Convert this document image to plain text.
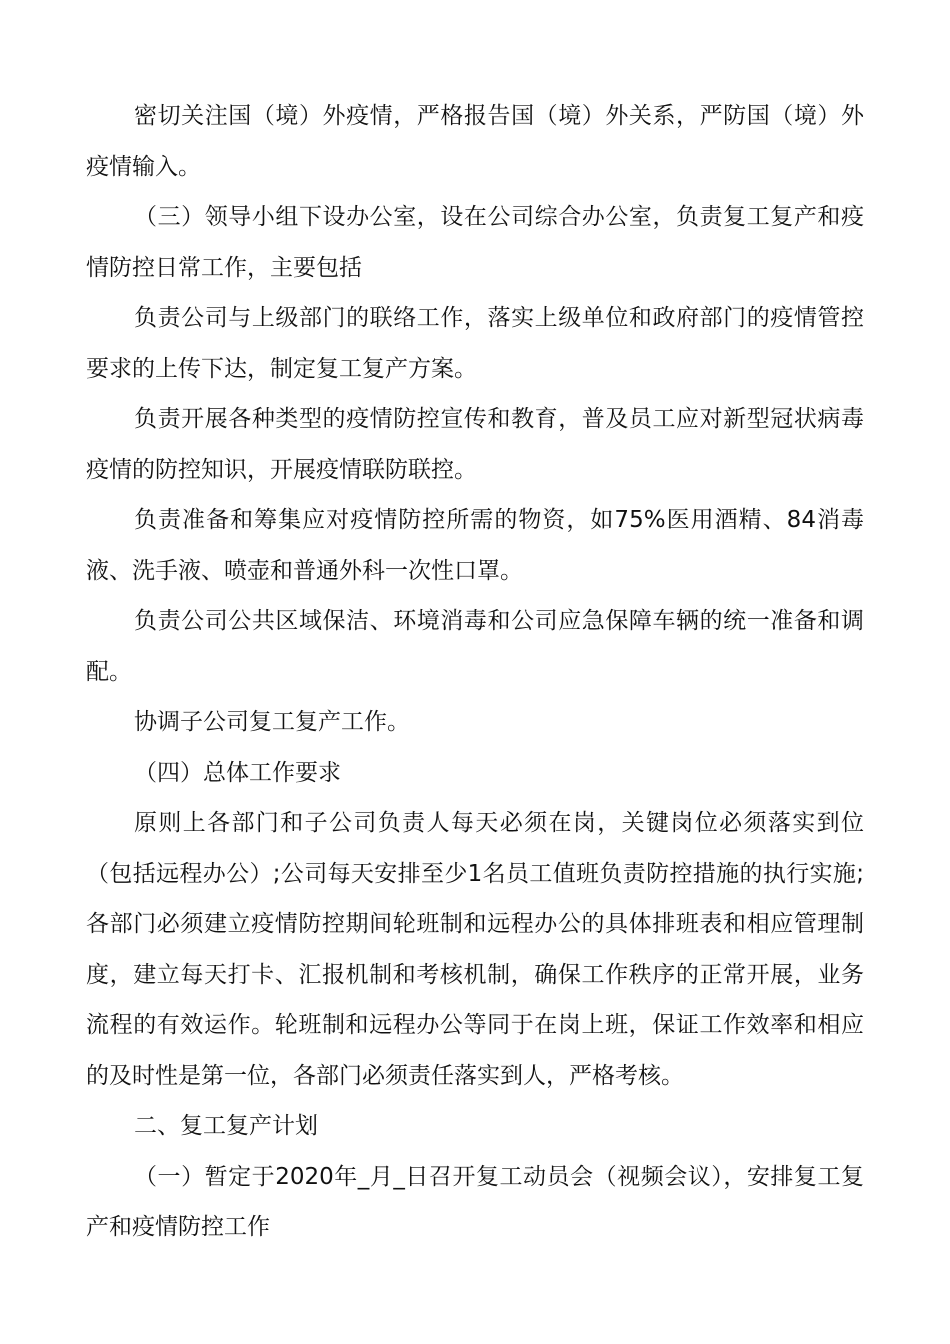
密切关注国（境）外疫情，严格报告国（境）外关系，严防国（境）外疫情输入。

（三）领导小组下设办公室，设在公司综合办公室，负责复工复产和疫情防控日常工作，主要包括

负责公司与上级部门的联络工作，落实上级单位和政府部门的疫情管控要求的上传下达，制定复工复产方案。

负责开展各种类型的疫情防控宣传和教育，普及员工应对新型冠状病毒疫情的防控知识，开展疫情联防联控。

负责准备和筹集应对疫情防控所需的物资，如75%医用酒精、84消毒液、洗手液、喷壶和普通外科一次性口罩。

负责公司公共区域保洁、环境消毒和公司应急保障车辆的统一准备和调配。

协调子公司复工复产工作。

（四）总体工作要求

原则上各部门和子公司负责人每天必须在岗，关键岗位必须落实到位（包括远程办公）;公司每天安排至少1名员工值班负责防控措施的执行实施;各部门必须建立疫情防控期间轮班制和远程办公的具体排班表和相应管理制度，建立每天打卡、汇报机制和考核机制，确保工作秩序的正常开展，业务流程的有效运作。轮班制和远程办公等同于在岗上班，保证工作效率和相应的及时性是第一位，各部门必须责任落实到人，严格考核。

二、复工复产计划

（一）暂定于2020年_月_日召开复工动员会（视频会议），安排复工复产和疫情防控工作
